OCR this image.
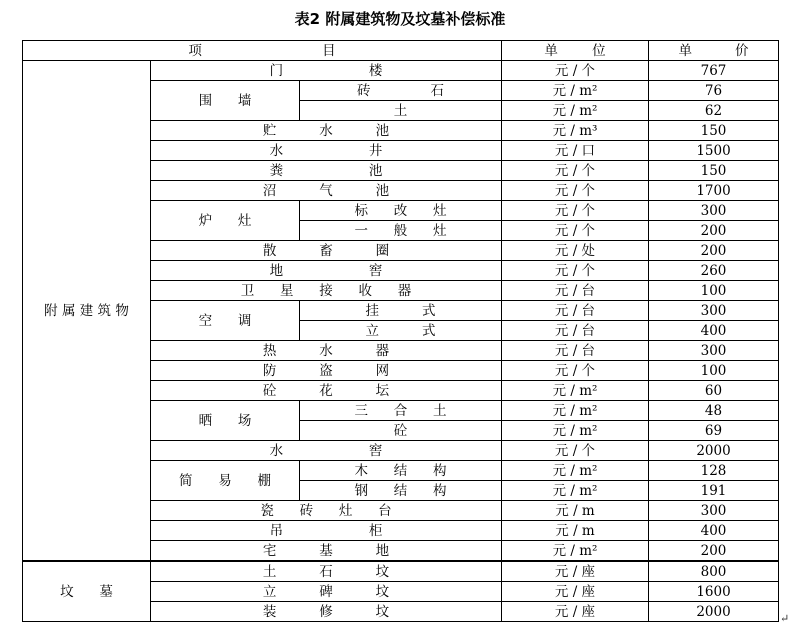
表2 附属建筑物及坟墓补偿标准
项                            目			单        位	单          价
附 属 建 筑 物	门                    楼		元 / 个	767
	围      墙	砖              石	元 / m²	76
		土	元 / m²	62
	贮          水          池		元 / m³	150
	水                    井		元 / 口	1500
	粪                    池		元 / 个	150
	沼          气          池		元 / 个	1700
	炉      灶	标      改      灶	元 / 个	300
		一      般      灶	元 / 个	200
	散          畜          圈		元 / 处	200
	地                    窖		元 / 个	260
	卫      星      接      收      器		元 / 台	100
	空      调	挂          式	元 / 台	300
		立          式	元 / 台	400
	热          水          器		元 / 台	300
	防          盗          网		元 / 个	100
	砼          花          坛		元 / m²	60
	晒      场	三      合      土	元 / m²	48
		砼	元 / m²	69
	水                    窖		元 / 个	2000
	简      易      棚	木      结      构	元 / m²	128
		钢      结      构	元 / m²	191
	瓷      砖      灶      台		元 / m	300
	吊                    柜		元 / m	400
	宅          基          地		元 / m²	200
坟      墓	土          石          坟		元 / 座	800
	立          碑          坟		元 / 座	1600
	装          修          坟		元 / 座	2000	↵
